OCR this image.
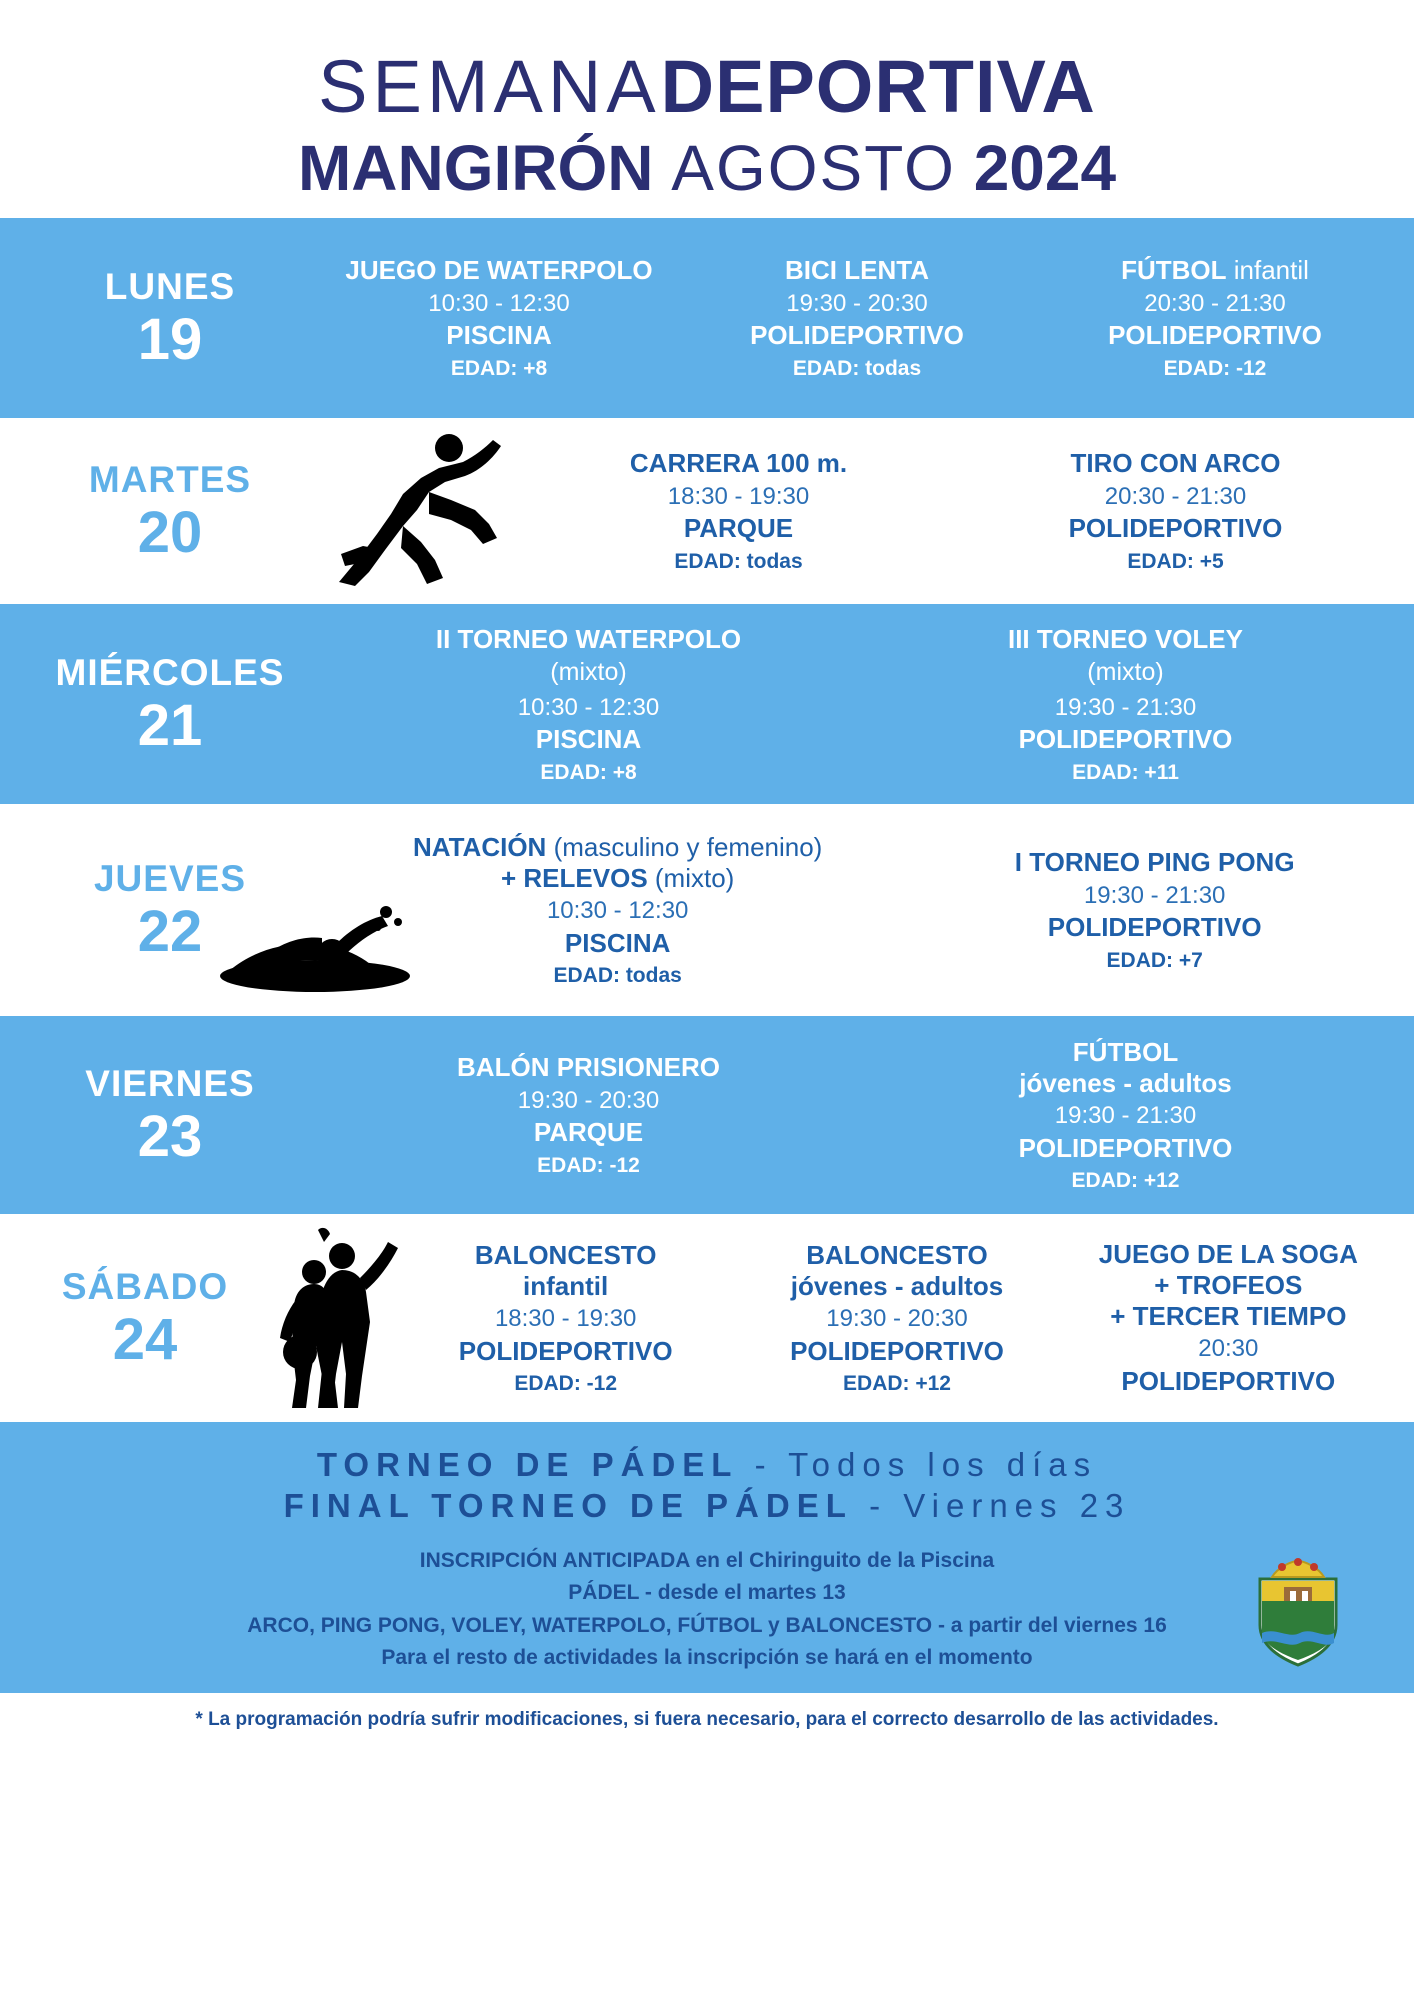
SEMANADEPORTIVA
MANGIRÓN AGOSTO 2024
LUNES
19
JUEGO DE WATERPOLO
10:30 - 12:30
PISCINA
EDAD: +8
BICI LENTA
19:30 - 20:30
POLIDEPORTIVO
EDAD: todas
FÚTBOL infantil
20:30 - 21:30
POLIDEPORTIVO
EDAD: -12
MARTES
20
CARRERA 100 m.
18:30 - 19:30
PARQUE
EDAD: todas
TIRO CON ARCO
20:30 - 21:30
POLIDEPORTIVO
EDAD: +5
MIÉRCOLES
21
II TORNEO WATERPOLO
(mixto)
10:30 - 12:30
PISCINA
EDAD: +8
III TORNEO VOLEY
(mixto)
19:30 - 21:30
POLIDEPORTIVO
EDAD: +11
JUEVES
22
NATACIÓN (masculino y femenino)
+ RELEVOS (mixto)
10:30 - 12:30
PISCINA
EDAD: todas
I TORNEO PING PONG
19:30 - 21:30
POLIDEPORTIVO
EDAD: +7
VIERNES
23
BALÓN PRISIONERO
19:30 - 20:30
PARQUE
EDAD: -12
FÚTBOL
jóvenes - adultos
19:30 - 21:30
POLIDEPORTIVO
EDAD: +12
SÁBADO
24
BALONCESTO
infantil
18:30 - 19:30
POLIDEPORTIVO
EDAD: -12
BALONCESTO
jóvenes - adultos
19:30 - 20:30
POLIDEPORTIVO
EDAD: +12
JUEGO DE LA SOGA
+ TROFEOS
+ TERCER TIEMPO
20:30
POLIDEPORTIVO
TORNEO DE PÁDEL - Todos los días
FINAL TORNEO DE PÁDEL - Viernes 23
INSCRIPCIÓN ANTICIPADA en el Chiringuito de la Piscina
PÁDEL - desde el martes 13
ARCO, PING PONG, VOLEY, WATERPOLO, FÚTBOL y BALONCESTO - a partir del viernes 16
Para el resto de actividades la inscripción se hará en el momento
* La programación podría sufrir modificaciones, si fuera necesario, para el correcto desarrollo de las actividades.
